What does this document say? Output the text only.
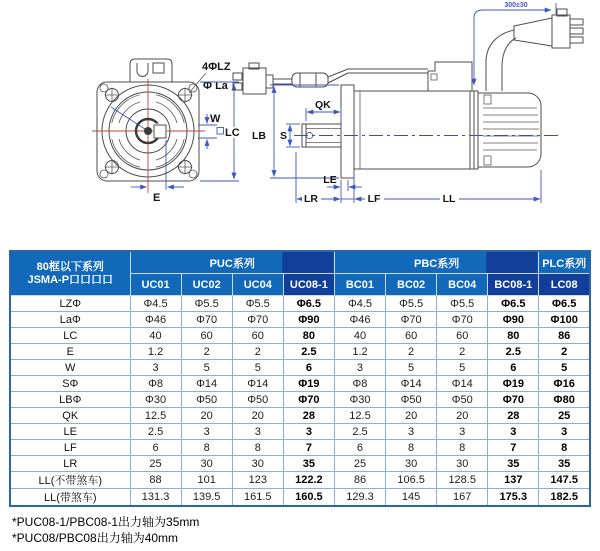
4ΦLZ
Φ La
W
LC
E
QK
S
LB
LE
LR	LF	LL
300±30
80框以下系列
JSMA-P口口口口	PUC系列				PBC系列				PLC系列
	UC01	UC02	UC04	UC08-1	BC01	BC02	BC04	BC08-1	LC08
LZΦ	Φ4.5	Φ5.5	Φ5.5	Φ6.5	Φ4.5	Φ5.5	Φ5.5	Φ6.5	Φ6.5
LaΦ	Φ46	Φ70	Φ70	Φ90	Φ46	Φ70	Φ70	Φ90	Φ100
LC	40	60	60	80	40	60	60	80	86
E	1.2	2	2	2.5	1.2	2	2	2.5	2
W	3	5	5	6	3	5	5	6	5
SΦ	Φ8	Φ14	Φ14	Φ19	Φ8	Φ14	Φ14	Φ19	Φ16
LBΦ	Φ30	Φ50	Φ50	Φ70	Φ30	Φ50	Φ50	Φ70	Φ80
QK	12.5	20	20	28	12.5	20	20	28	25
LE	2.5	3	3	3	2.5	3	3	3	3
LF	6	8	8	7	6	8	8	7	8
LR	25	30	30	35	25	30	30	35	35
LL(不带煞车)	88	101	123	122.2	86	106.5	128.5	137	147.5
LL(带煞车)	131.3	139.5	161.5	160.5	129.3	145	167	175.3	182.5
*PUC08-1/PBC08-1出力轴为35mm
*PUC08/PBC08出力轴为40mm
